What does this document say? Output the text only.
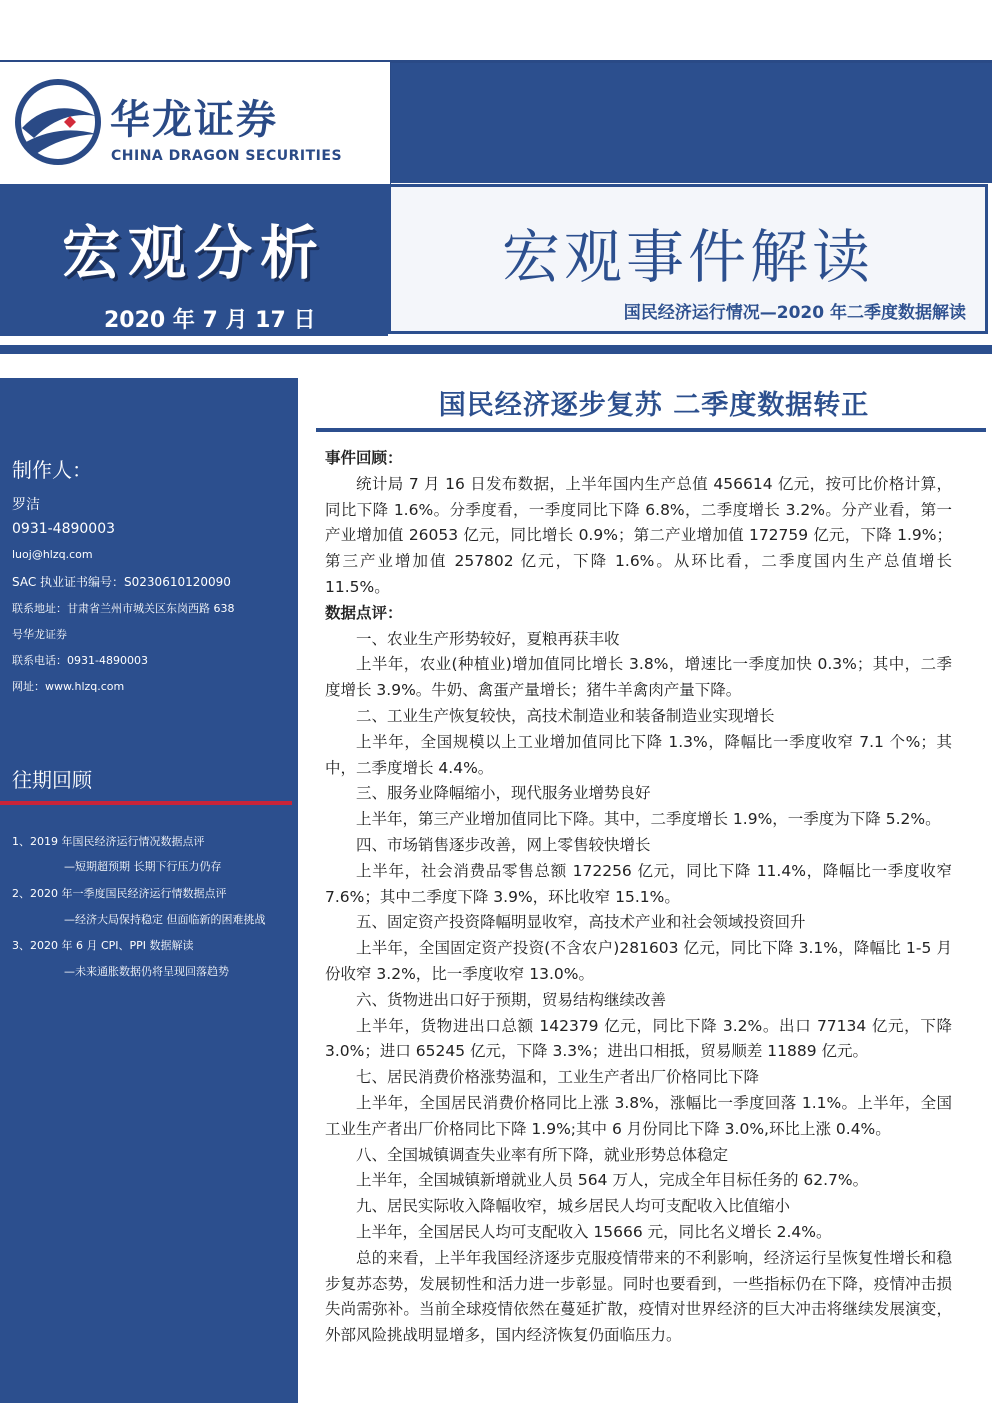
华龙证券
CHINA DRAGON SECURITIES
宏观分析
2020 年 7 月 17 日
宏观事件解读
国民经济运行情况—2020 年二季度数据解读
制作人：
罗洁
0931-4890003
luoj@hlzq.com
SAC 执业证书编号：S0230610120090
联系地址：甘肃省兰州市城关区东岗西路 638
号华龙证券
联系电话：0931-4890003
网址：www.hlzq.com
往期回顾
1、2019 年国民经济运行情况数据点评
—短期超预期 长期下行压力仍存
2、2020 年一季度国民经济运行情数据点评
—经济大局保持稳定 但面临新的困难挑战
3、2020 年 6 月 CPI、PPI 数据解读
—未来通胀数据仍将呈现回落趋势
国民经济逐步复苏 二季度数据转正

事件回顾：

统计局 7 月 16 日发布数据，上半年国内生产总值 456614 亿元，按可比价格计算，同比下降 1.6%。分季度看，一季度同比下降 6.8%，二季度增长 3.2%。分产业看，第一产业增加值 26053 亿元，同比增长 0.9%；第二产业增加值 172759 亿元，下降 1.9%；第三产业增加值 257802 亿元，下降 1.6%。从环比看，二季度国内生产总值增长 11.5%。

数据点评：

一、农业生产形势较好，夏粮再获丰收

上半年，农业(种植业)增加值同比增长 3.8%，增速比一季度加快 0.3%；其中，二季度增长 3.9%。牛奶、禽蛋产量增长；猪牛羊禽肉产量下降。

二、工业生产恢复较快，高技术制造业和装备制造业实现增长

上半年，全国规模以上工业增加值同比下降 1.3%，降幅比一季度收窄 7.1 个%；其中，二季度增长 4.4%。

三、服务业降幅缩小，现代服务业增势良好

上半年，第三产业增加值同比下降。其中，二季度增长 1.9%，一季度为下降 5.2%。

四、市场销售逐步改善，网上零售较快增长

上半年，社会消费品零售总额 172256 亿元，同比下降 11.4%，降幅比一季度收窄 7.6%；其中二季度下降 3.9%，环比收窄 15.1%。

五、固定资产投资降幅明显收窄，高技术产业和社会领域投资回升

上半年，全国固定资产投资(不含农户)281603 亿元，同比下降 3.1%，降幅比 1-5 月份收窄 3.2%，比一季度收窄 13.0%。

六、货物进出口好于预期，贸易结构继续改善

上半年，货物进出口总额 142379 亿元，同比下降 3.2%。出口 77134 亿元，下降 3.0%；进口 65245 亿元，下降 3.3%；进出口相抵，贸易顺差 11889 亿元。

七、居民消费价格涨势温和，工业生产者出厂价格同比下降

上半年，全国居民消费价格同比上涨 3.8%，涨幅比一季度回落 1.1%。上半年，全国工业生产者出厂价格同比下降 1.9%;其中 6 月份同比下降 3.0%,环比上涨 0.4%。

八、全国城镇调查失业率有所下降，就业形势总体稳定

上半年，全国城镇新增就业人员 564 万人，完成全年目标任务的 62.7%。

九、居民实际收入降幅收窄，城乡居民人均可支配收入比值缩小

上半年，全国居民人均可支配收入 15666 元，同比名义增长 2.4%。

总的来看，上半年我国经济逐步克服疫情带来的不利影响，经济运行呈恢复性增长和稳步复苏态势，发展韧性和活力进一步彰显。同时也要看到，一些指标仍在下降，疫情冲击损失尚需弥补。当前全球疫情依然在蔓延扩散，疫情对世界经济的巨大冲击将继续发展演变，外部风险挑战明显增多，国内经济恢复仍面临压力。
